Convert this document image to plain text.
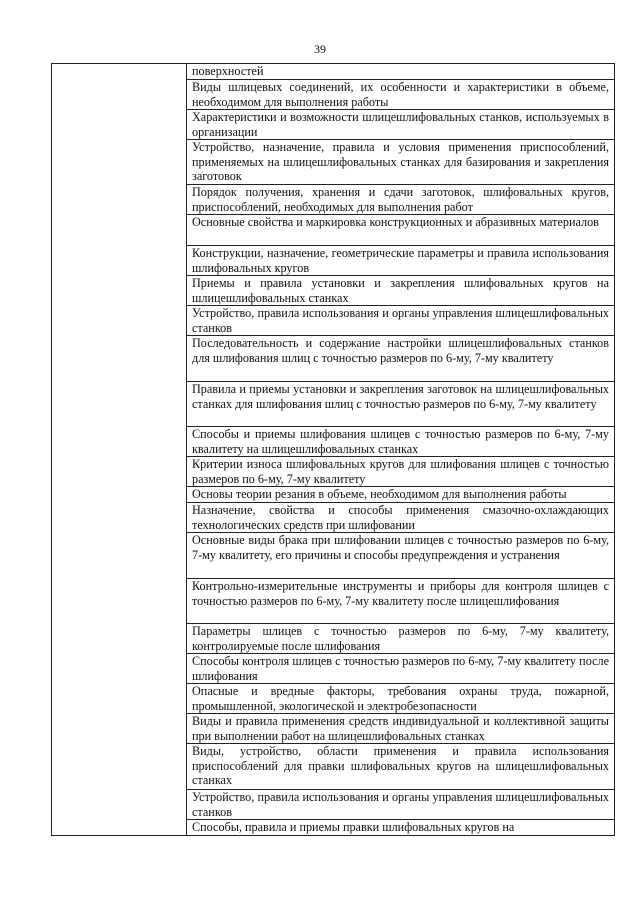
39

поверхностей

Виды шлицевых соединений, их особенности и характеристики в объеме, необходимом для выполнения работы

Характеристики и возможности шлицешлифовальных станков, используемых в организации

Устройство, назначение, правила и условия применения приспособлений, применяемых на шлицешлифовальных станках для базирования и закрепления заготовок

Порядок получения, хранения и сдачи заготовок, шлифовальных кругов, приспособлений, необходимых для выполнения работ

Основные свойства и маркировка конструкционных и абразивных материалов

Конструкции, назначение, геометрические параметры и правила использования шлифовальных кругов

Приемы и правила установки и закрепления шлифовальных кругов на шлицешлифовальных станках

Устройство, правила использования и органы управления шлицешлифовальных станков

Последовательность и содержание настройки шлицешлифовальных станков для шлифования шлиц с точностью размеров по 6-му, 7-му квалитету

Правила и приемы установки и закрепления заготовок на шлицешлифовальных станках для шлифования шлиц с точностью размеров по 6-му, 7-му квалитету

Способы и приемы шлифования шлицев с точностью размеров по 6-му, 7-му квалитету на шлицешлифовальных станках

Критерии износа шлифовальных кругов для шлифования шлицев с точностью размеров по 6-му, 7-му квалитету

Основы теории резания в объеме, необходимом для выполнения работы

Назначение, свойства и способы применения смазочно-охлаждающих технологических средств при шлифовании

Основные виды брака при шлифовании шлицев с точностью размеров по 6-му, 7-му квалитету, его причины и способы предупреждения и устранения

Контрольно-измерительные инструменты и приборы для контроля шлицев с точностью размеров по 6-му, 7-му квалитету после шлицешлифования

Параметры шлицев с точностью размеров по 6-му, 7-му квалитету, контролируемые после шлифования

Способы контроля шлицев с точностью размеров по 6-му, 7-му квалитету после шлифования

Опасные и вредные факторы, требования охраны труда, пожарной, промышленной, экологической и электробезопасности

Виды и правила применения средств индивидуальной и коллективной защиты при выполнении работ на шлицешлифовальных станках

Виды, устройство, области применения и правила использования приспособлений для правки шлифовальных кругов на шлицешлифовальных станках

Устройство, правила использования и органы управления шлицешлифовальных станков

Способы, правила и приемы правки шлифовальных кругов на
